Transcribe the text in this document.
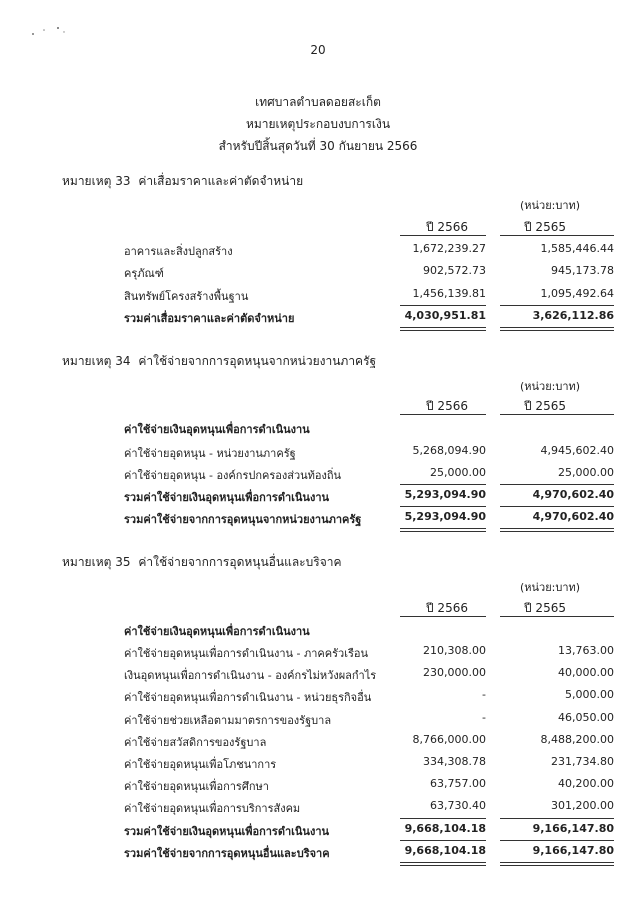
20
เทศบาลตำบลดอยสะเก็ต
หมายเหตุประกอบงบการเงิน
สำหรับปีสิ้นสุดวันที่ 30 กันยายน 2566
หมายเหตุ 33 ค่าเสื่อมราคาและค่าตัดจำหน่าย
(หน่วย:บาท)
ปี 2566	ปี 2565
อาคารและสิ่งปลูกสร้าง	1,672,239.27	1,585,446.44
ครุภัณฑ์	902,572.73	945,173.78
สินทรัพย์โครงสร้างพื้นฐาน	1,456,139.81	1,095,492.64
รวมค่าเสื่อมราคาและค่าตัดจำหน่าย	4,030,951.81	3,626,112.86
หมายเหตุ 34 ค่าใช้จ่ายจากการอุดหนุนจากหน่วยงานภาครัฐ
(หน่วย:บาท)
ปี 2566	ปี 2565
ค่าใช้จ่ายเงินอุดหนุนเพื่อการดำเนินงาน
ค่าใช้จ่ายอุดหนุน - หน่วยงานภาครัฐ	5,268,094.90	4,945,602.40
ค่าใช้จ่ายอุดหนุน - องค์กรปกครองส่วนท้องถิ่น	25,000.00	25,000.00
รวมค่าใช้จ่ายเงินอุดหนุนเพื่อการดำเนินงาน	5,293,094.90	4,970,602.40
รวมค่าใช้จ่ายจากการอุดหนุนจากหน่วยงานภาครัฐ	5,293,094.90	4,970,602.40
หมายเหตุ 35 ค่าใช้จ่ายจากการอุดหนุนอื่นและบริจาค
(หน่วย:บาท)
ปี 2566	ปี 2565
ค่าใช้จ่ายเงินอุดหนุนเพื่อการดำเนินงาน
ค่าใช้จ่ายอุดหนุนเพื่อการดำเนินงาน - ภาคครัวเรือน	210,308.00	13,763.00
เงินอุดหนุนเพื่อการดำเนินงาน - องค์กรไม่หวังผลกำไร	230,000.00	40,000.00
ค่าใช้จ่ายอุดหนุนเพื่อการดำเนินงาน - หน่วยธุรกิจอื่น	-	5,000.00
ค่าใช้จ่ายช่วยเหลือตามมาตรการของรัฐบาล	-	46,050.00
ค่าใช้จ่ายสวัสดิการของรัฐบาล	8,766,000.00	8,488,200.00
ค่าใช้จ่ายอุดหนุนเพื่อโภชนาการ	334,308.78	231,734.80
ค่าใช้จ่ายอุดหนุนเพื่อการศึกษา	63,757.00	40,200.00
ค่าใช้จ่ายอุดหนุนเพื่อการบริการสังคม	63,730.40	301,200.00
รวมค่าใช้จ่ายเงินอุดหนุนเพื่อการดำเนินงาน	9,668,104.18	9,166,147.80
รวมค่าใช้จ่ายจากการอุดหนุนอื่นและบริจาค	9,668,104.18	9,166,147.80
